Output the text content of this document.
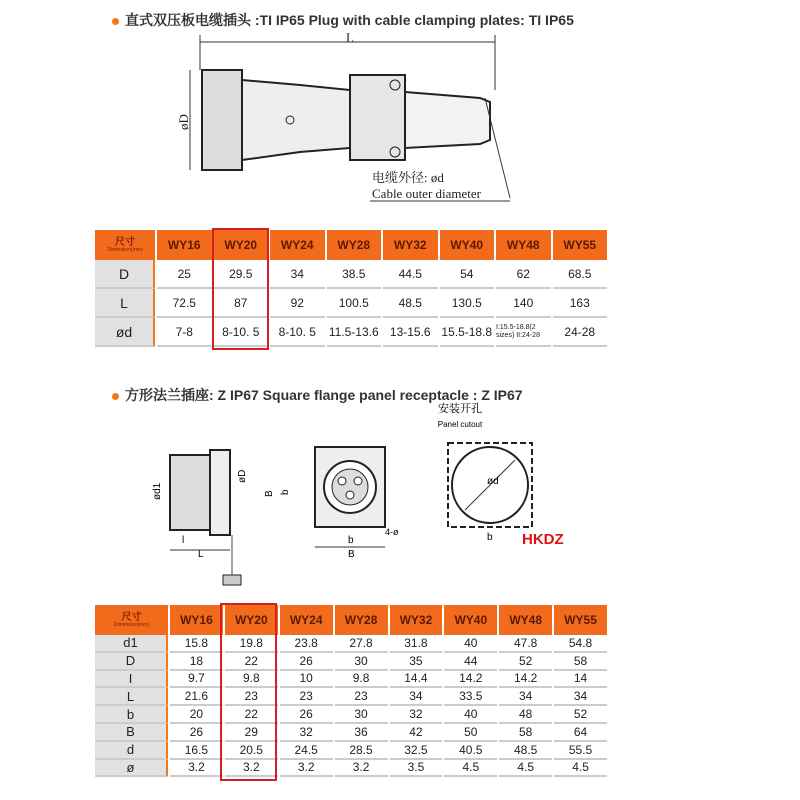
直式双压板电缆插头 :TI IP65 Plug with cable clamping plates: TI IP65
L
øD
电缆外径: ød
Cable outer diameter
尺寸
Dimension(mm)	WY16	WY20	WY24	WY28	WY32	WY40	WY48	WY55
D	25	29.5	34	38.5	44.5	54	62	68.5
L	72.5	87	92	100.5	48.5	130.5	140	163
ød	7-8	8-10. 5	8-10. 5	11.5-13.6	13-15.6	15.5-18.8	I:15.5-18.8(2 sizes) II:24-28	24-28
方形法兰插座: Z IP67 Square flange panel receptacle : Z IP67
ød1
øD
l
L
B b
b
B
4-ø
安装开孔
Panel cutout
ød
b HKDZ
尺寸
Dimension(mm)	WY16	WY20	WY24	WY28	WY32	WY40	WY48	WY55
d1	15.8	19.8	23.8	27.8	31.8	40	47.8	54.8
D	18	22	26	30	35	44	52	58
I	9.7	9.8	10	9.8	14.4	14.2	14.2	14
L	21.6	23	23	23	34	33.5	34	34
b	20	22	26	30	32	40	48	52
B	26	29	32	36	42	50	58	64
d	16.5	20.5	24.5	28.5	32.5	40.5	48.5	55.5
ø	3.2	3.2	3.2	3.2	3.5	4.5	4.5	4.5
